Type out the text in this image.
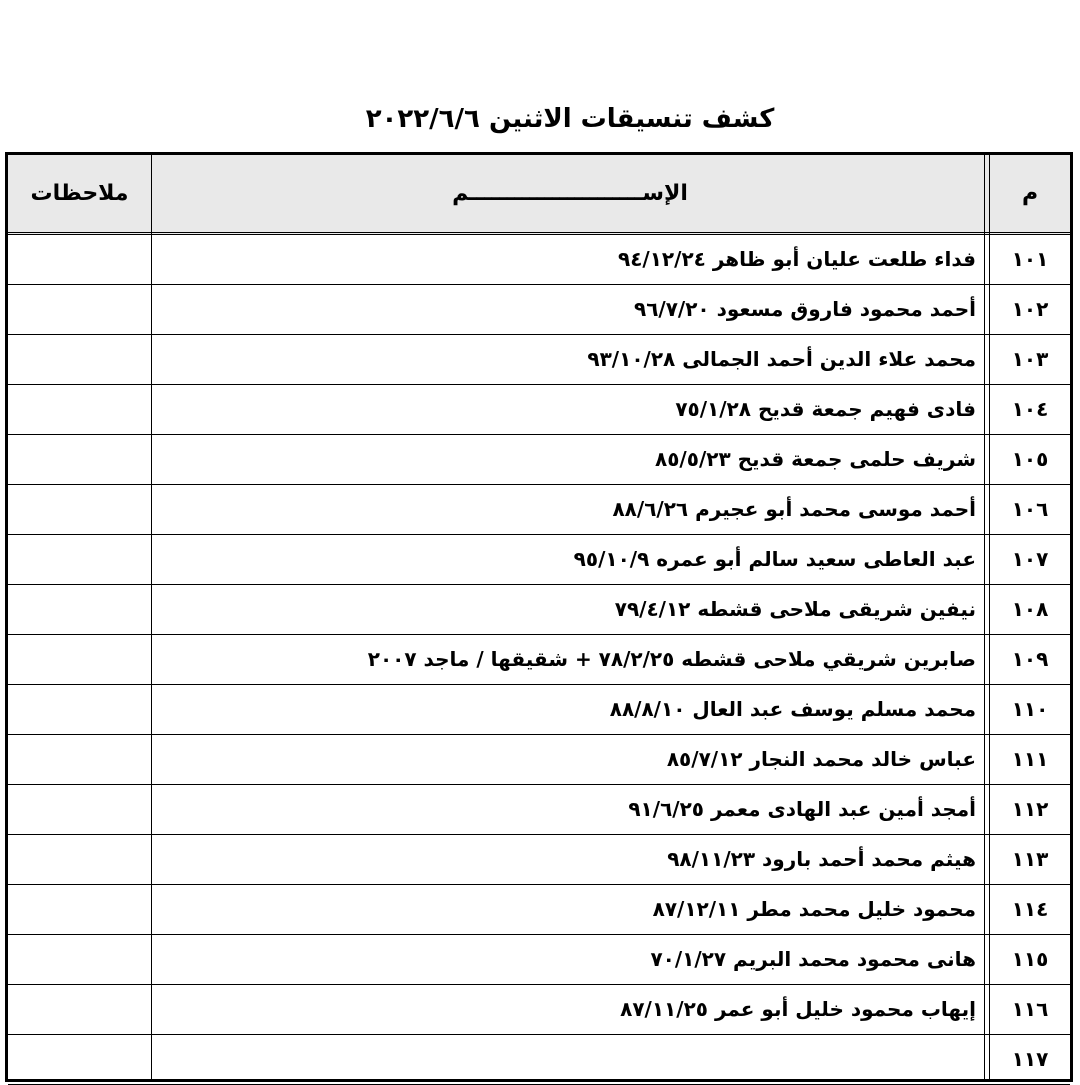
كشف تنسيقات الاثنين ٢٠٢٢/٦/٦
م
الإســـــــــــــــــــــــم
ملاحظات
١٠١
فداء طلعت عليان أبو ظاهر ٩٤/١٢/٢٤
١٠٢
أحمد محمود فاروق مسعود ٩٦/٧/٢٠
١٠٣
محمد علاء الدين أحمد الجمالى ٩٣/١٠/٢٨
١٠٤
فادى فهيم جمعة قديح ٧٥/١/٢٨
١٠٥
شريف حلمى جمعة قديح ٨٥/٥/٢٣
١٠٦
أحمد موسى محمد أبو عجيرم ٨٨/٦/٢٦
١٠٧
عبد العاطى سعيد سالم أبو عمره ٩٥/١٠/٩
١٠٨
نيفين شريقى ملاحى قشطه ٧٩/٤/١٢
١٠٩
صابرين شريقي ملاحى قشطه ٧٨/٢/٢٥ + شقيقها / ماجد ٢٠٠٧
١١٠
محمد مسلم يوسف عبد العال ٨٨/٨/١٠
١١١
عباس خالد محمد النجار ٨٥/٧/١٢
١١٢
أمجد أمين عبد الهادى معمر ٩١/٦/٢٥
١١٣
هيثم محمد أحمد بارود ٩٨/١١/٢٣
١١٤
محمود خليل محمد مطر ٨٧/١٢/١١
١١٥
هانى محمود محمد البريم ٧٠/١/٢٧
١١٦
إيهاب محمود خليل أبو عمر ٨٧/١١/٢٥
١١٧
